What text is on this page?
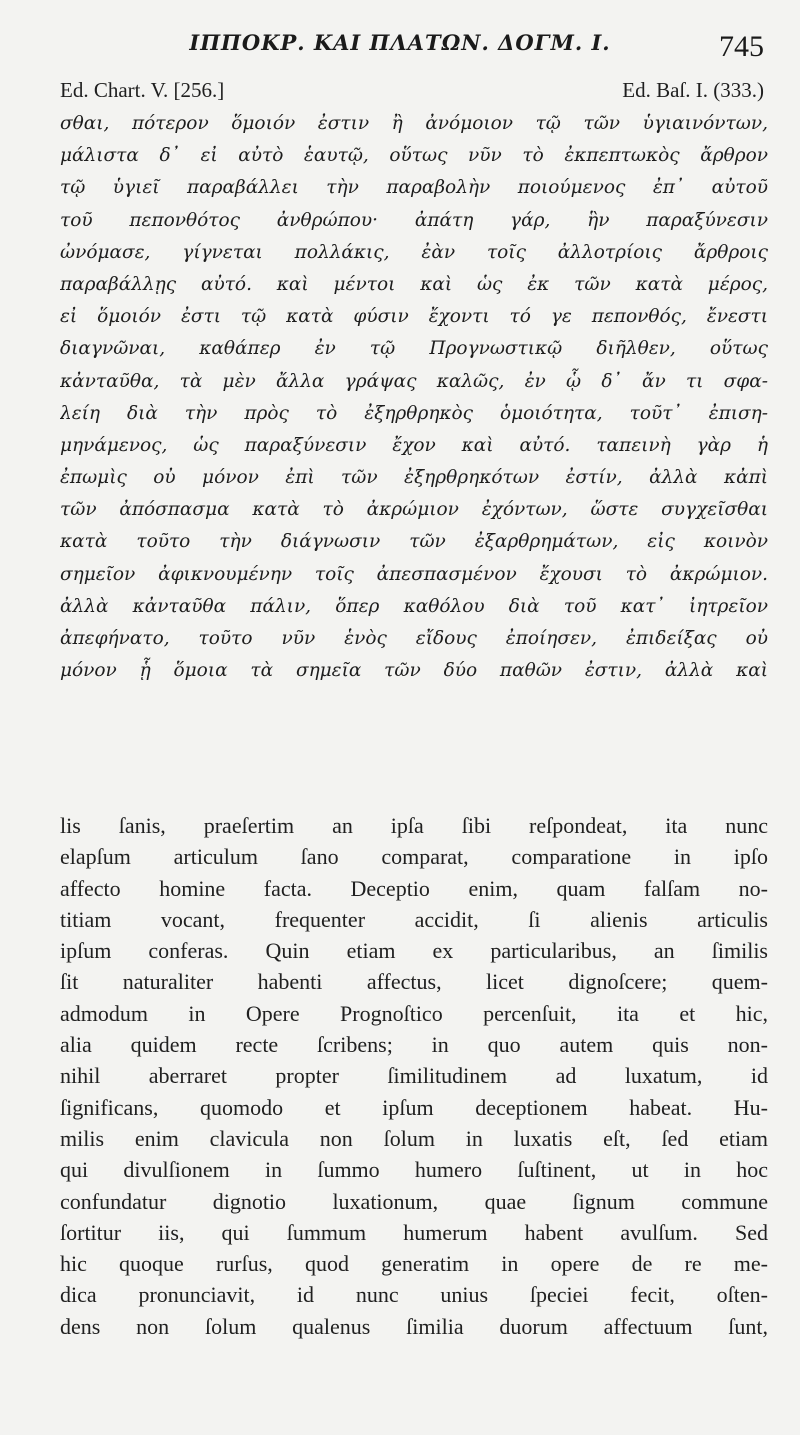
ΙΠΠΟΚΡ. ΚΑΙ ΠΛΑΤΩΝ. ΔΟΓΜ. Ι.	745
Ed. Chart. V. [256.]	Ed. Baſ. I. (333.)
σθαι, πότερον ὅμοιόν ἐστιν ἢ ἀνόμοιον τῷ τῶν ὑγιαινόντων,
μάλιστα δ᾽ εἰ αὐτὸ ἑαυτῷ, οὕτως νῦν τὸ ἐκπεπτωκὸς ἄρθρον
τῷ ὑγιεῖ παραβάλλει τὴν παραβολὴν ποιούμενος ἐπ᾽ αὐτοῦ
τοῦ πεπονθότος ἀνθρώπου· ἀπάτη γάρ, ἣν παραξύνεσιν
ὠνόμασε, γίγνεται πολλάκις, ἐὰν τοῖς ἀλλοτρίοις ἄρθροις
παραβάλλῃς αὐτό. καὶ μέντοι καὶ ὡς ἐκ τῶν κατὰ μέρος,
εἰ ὅμοιόν ἐστι τῷ κατὰ φύσιν ἔχοντι τό γε πεπονθός, ἔνεστι
διαγνῶναι, καθάπερ ἐν τῷ Προγνωστικῷ διῆλθεν, οὕτως
κἀνταῦθα, τὰ μὲν ἄλλα γράψας καλῶς, ἐν ᾧ δ᾽ ἄν τι σφα-
λείη διὰ τὴν πρὸς τὸ ἐξηρθρηκὸς ὁμοιότητα, τοῦτ᾽ ἐπιση-
μηνάμενος, ὡς παραξύνεσιν ἔχον καὶ αὐτό. ταπεινὴ γὰρ ἡ
ἐπωμὶς οὐ μόνον ἐπὶ τῶν ἐξηρθρηκότων ἐστίν, ἀλλὰ κἀπὶ
τῶν ἀπόσπασμα κατὰ τὸ ἀκρώμιον ἐχόντων, ὥστε συγχεῖσθαι
κατὰ τοῦτο τὴν διάγνωσιν τῶν ἐξαρθρημάτων, εἰς κοινὸν
σημεῖον ἀφικνουμένην τοῖς ἀπεσπασμένον ἔχουσι τὸ ἀκρώμιον.
ἀλλὰ κἀνταῦθα πάλιν, ὅπερ καθόλου διὰ τοῦ κατ᾽ ἰητρεῖον
ἀπεφήνατο, τοῦτο νῦν ἑνὸς εἴδους ἐποίησεν, ἐπιδείξας οὐ
μόνον ᾗ ὅμοια τὰ σημεῖα τῶν δύο παθῶν ἐστιν, ἀλλὰ καὶ
lis ſanis, praeſertim an ipſa ſibi reſpondeat, ita nunc
elapſum articulum ſano comparat, comparatione in ipſo
affecto homine facta. Deceptio enim, quam falſam no-
titiam vocant, frequenter accidit, ſi alienis articulis
ipſum conferas. Quin etiam ex particularibus, an ſimilis
ſit naturaliter habenti affectus, licet dignoſcere; quem-
admodum in Opere Prognoſtico percenſuit, ita et hic,
alia quidem recte ſcribens; in quo autem quis non-
nihil aberraret propter ſimilitudinem ad luxatum, id
ſignificans, quomodo et ipſum deceptionem habeat. Hu-
milis enim clavicula non ſolum in luxatis eſt, ſed etiam
qui divulſionem in ſummo humero ſuſtinent, ut in hoc
confundatur dignotio luxationum, quae ſignum commune
ſortitur iis, qui ſummum humerum habent avulſum. Sed
hic quoque rurſus, quod generatim in opere de re me-
dica pronunciavit, id nunc unius ſpeciei fecit, oſten-
dens non ſolum qualenus ſimilia duorum affectuum ſunt,
